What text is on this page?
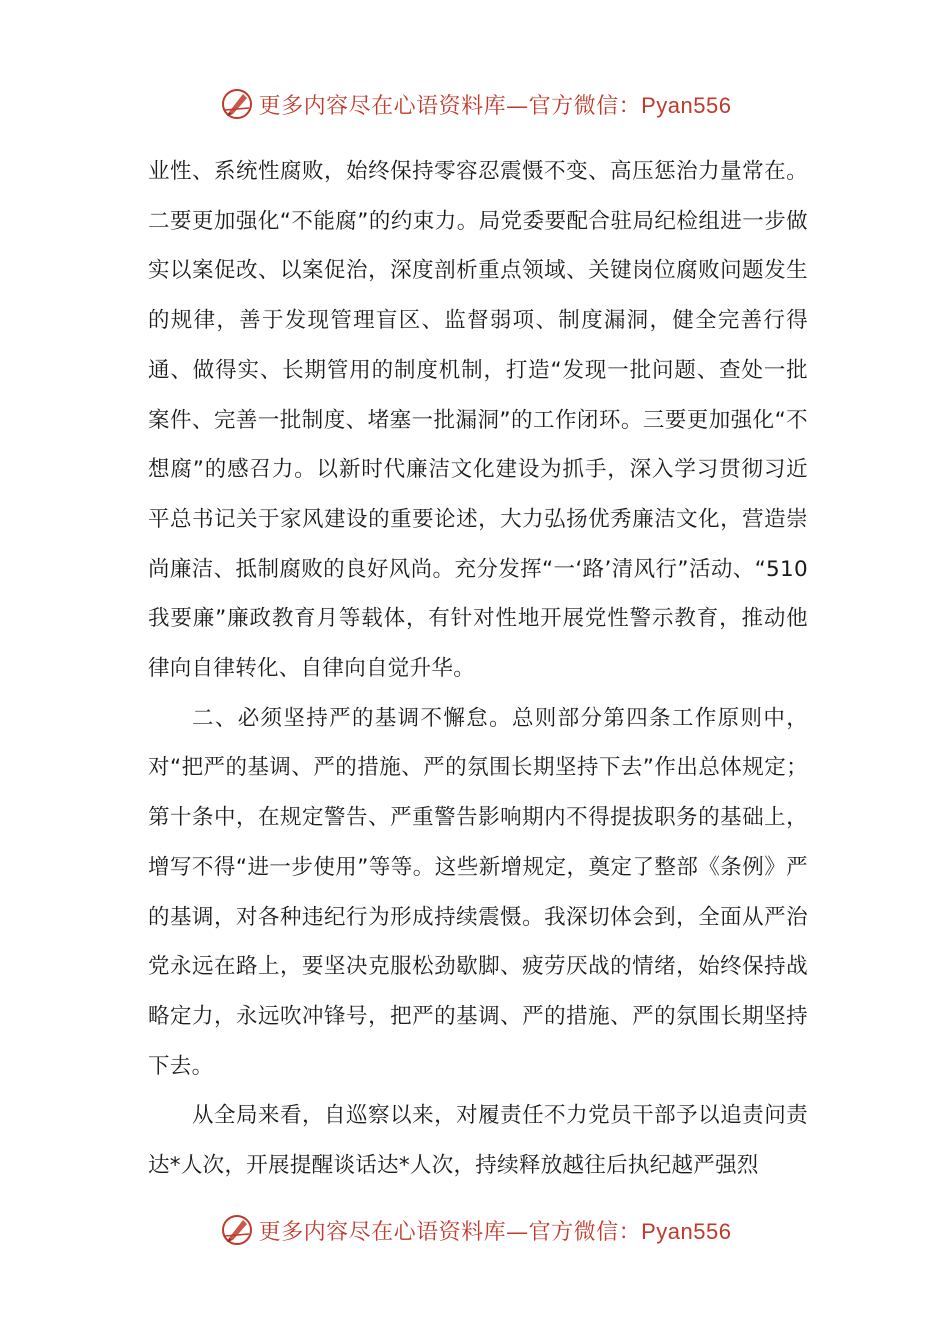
更多内容尽在心语资料库—官方微信：Pyan556

业性、系统性腐败，始终保持零容忍震慑不变、高压惩治力量常在。二要更加强化“不能腐”的约束力。局党委要配合驻局纪检组进一步做实以案促改、以案促治，深度剖析重点领域、关键岗位腐败问题发生的规律，善于发现管理盲区、监督弱项、制度漏洞，健全完善行得通、做得实、长期管用的制度机制，打造“发现一批问题、查处一批案件、完善一批制度、堵塞一批漏洞”的工作闭环。三要更加强化“不想腐”的感召力。以新时代廉洁文化建设为抓手，深入学习贯彻习近平总书记关于家风建设的重要论述，大力弘扬优秀廉洁文化，营造崇尚廉洁、抵制腐败的良好风尚。充分发挥“一‘路’清风行”活动、“510我要廉”廉政教育月等载体，有针对性地开展党性警示教育，推动他律向自律转化、自律向自觉升华。

二、必须坚持严的基调不懈怠。总则部分第四条工作原则中，对“把严的基调、严的措施、严的氛围长期坚持下去”作出总体规定；第十条中，在规定警告、严重警告影响期内不得提拔职务的基础上，增写不得“进一步使用”等等。这些新增规定，奠定了整部《条例》严的基调，对各种违纪行为形成持续震慑。我深切体会到，全面从严治党永远在路上，要坚决克服松劲歇脚、疲劳厌战的情绪，始终保持战略定力，永远吹冲锋号，把严的基调、严的措施、严的氛围长期坚持下去。

从全局来看，自巡察以来，对履责任不力党员干部予以追责问责达*人次，开展提醒谈话达*人次，持续释放越往后执纪越严强烈

更多内容尽在心语资料库—官方微信：Pyan556
